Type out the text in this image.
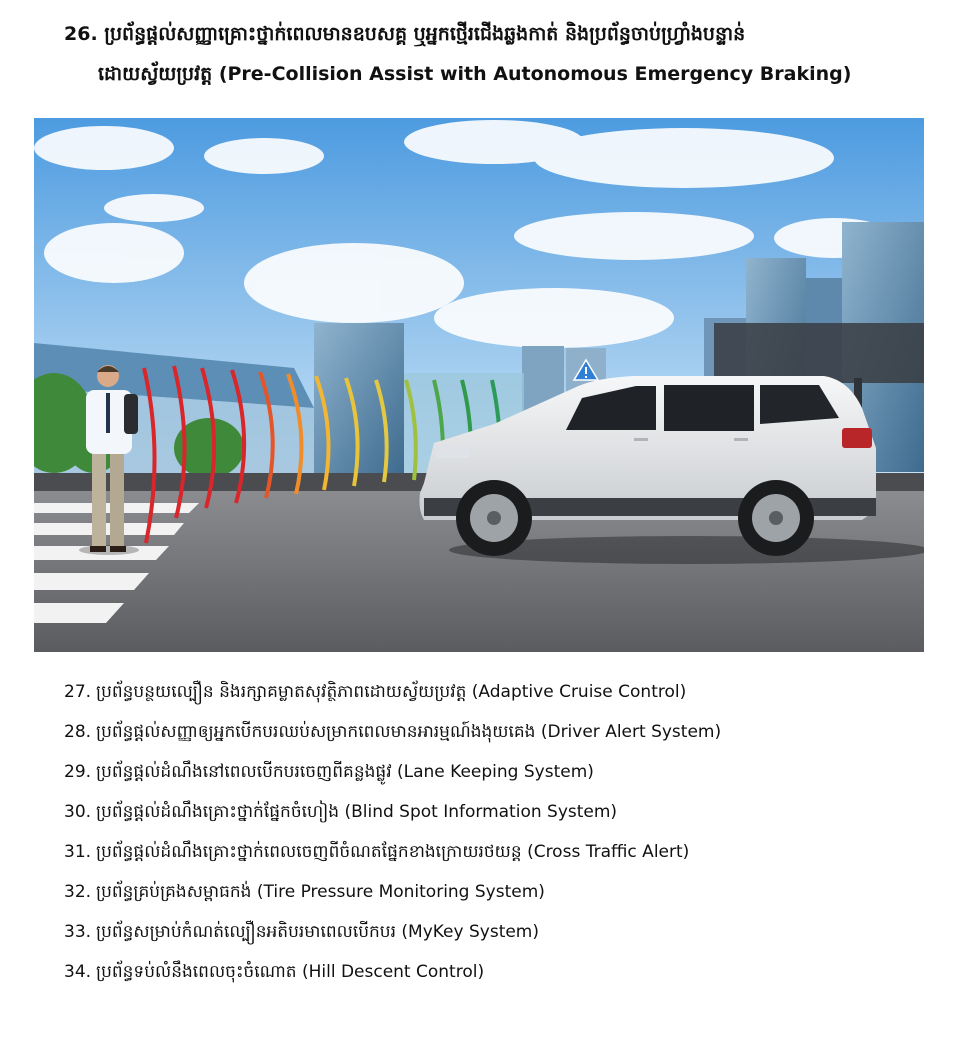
26. ប្រព័ន្ធផ្ដល់សញ្ញាគ្រោះថ្នាក់ពេលមានឧបសគ្គ ឬអ្នកថ្មើរជើងឆ្លងកាត់ និងប្រព័ន្ធចាប់ហ្វ្រាំងបន្ទាន់
ដោយស្វ័យប្រវត្ត (Pre-Collision Assist with Autonomous Emergency Braking)
27. ប្រព័ន្ធបន្ថយល្បឿន និងរក្សាគម្លាតសុវត្ថិភាពដោយស្វ័យប្រវត្ត (Adaptive Cruise Control)
28. ប្រព័ន្ធផ្ដល់សញ្ញាឲ្យអ្នកបើកបរឈប់សម្រាកពេលមានអារម្មណ៍ងងុយគេង (Driver Alert System)
29. ប្រព័ន្ធផ្ដល់ដំណឹងនៅពេលបើកបរចេញពីគន្លងផ្លូវ (Lane Keeping System)
30. ប្រព័ន្ធផ្ដល់ដំណឹងគ្រោះថ្នាក់ផ្នែកចំហៀង (Blind Spot Information System)
31. ប្រព័ន្ធផ្ដល់ដំណឹងគ្រោះថ្នាក់ពេលចេញពីចំណតផ្នែកខាងក្រោយរថយន្ត (Cross Traffic Alert)
32. ប្រព័ន្ធគ្រប់គ្រងសម្ពាធកង់ (Tire Pressure Monitoring System)
33. ប្រព័ន្ធសម្រាប់កំណត់ល្បឿនអតិបរមាពេលបើកបរ (MyKey System)
34. ប្រព័ន្ធទប់លំនឹងពេលចុះចំណោត (Hill Descent Control)
